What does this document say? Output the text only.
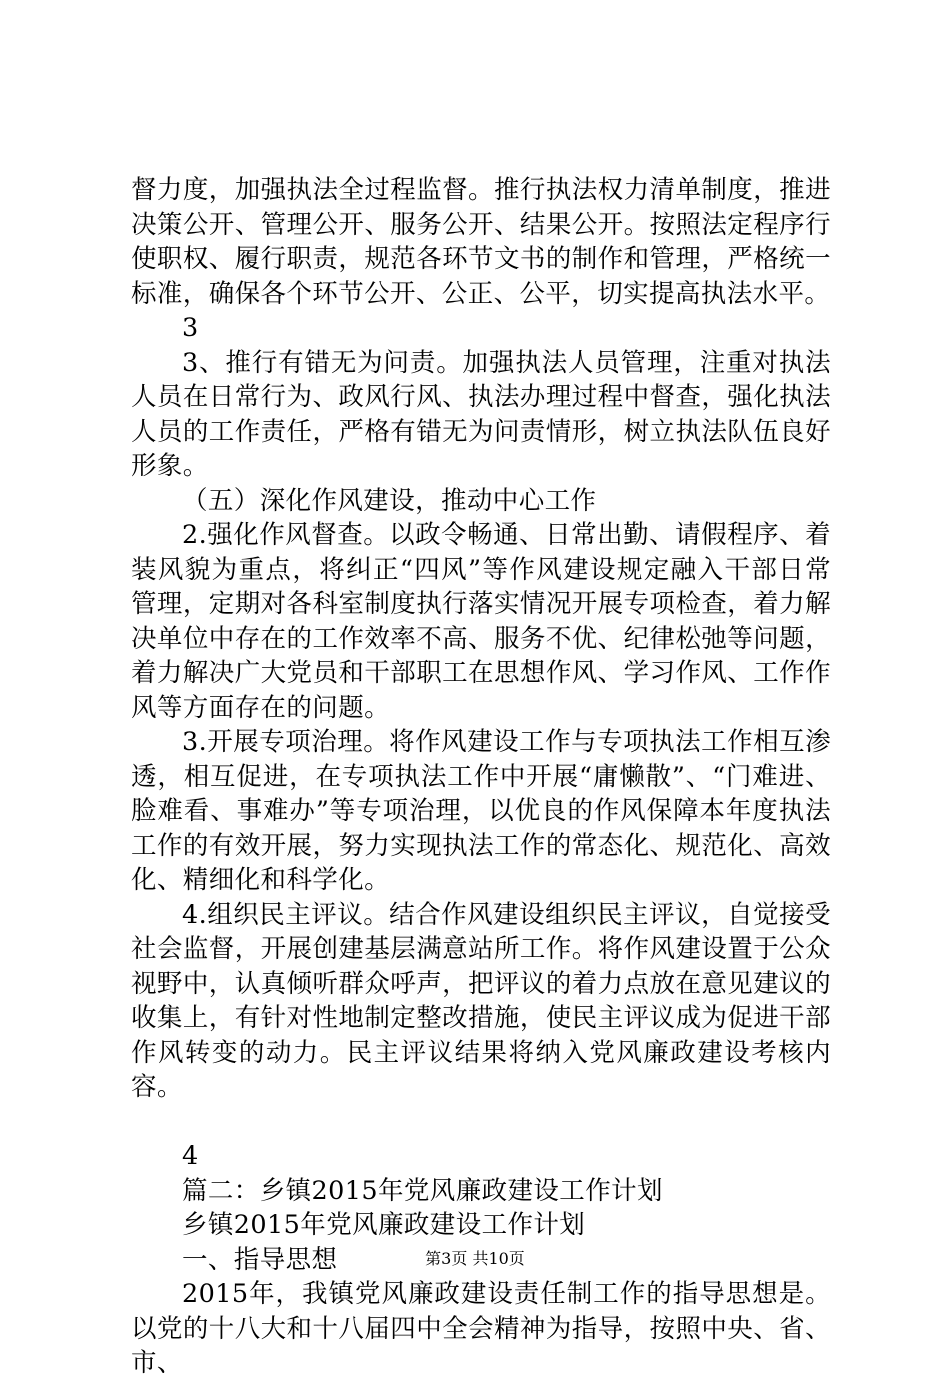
督力度，加强执法全过程监督。推行执法权力清单制度，推进决策公开、管理公开、服务公开、结果公开。按照法定程序行使职权、履行职责，规范各环节文书的制作和管理，严格统一标准，确保各个环节公开、公正、公平，切实提高执法水平。

3

3、推行有错无为问责。加强执法人员管理，注重对执法人员在日常行为、政风行风、执法办理过程中督查，强化执法人员的工作责任，严格有错无为问责情形，树立执法队伍良好形象。

（五）深化作风建设，推动中心工作

2.强化作风督查。以政令畅通、日常出勤、请假程序、着装风貌为重点，将纠正“四风”等作风建设规定融入干部日常管理，定期对各科室制度执行落实情况开展专项检查，着力解决单位中存在的工作效率不高、服务不优、纪律松弛等问题，着力解决广大党员和干部职工在思想作风、学习作风、工作作风等方面存在的问题。

3.开展专项治理。将作风建设工作与专项执法工作相互渗透，相互促进，在专项执法工作中开展“庸懒散”、“门难进、脸难看、事难办”等专项治理，以优良的作风保障本年度执法工作的有效开展，努力实现执法工作的常态化、规范化、高效化、精细化和科学化。

4.组织民主评议。结合作风建设组织民主评议，自觉接受社会监督，开展创建基层满意站所工作。将作风建设置于公众视野中，认真倾听群众呼声，把评议的着力点放在意见建议的收集上，有针对性地制定整改措施，使民主评议成为促进干部作风转变的动力。民主评议结果将纳入党风廉政建设考核内容。

4

篇二：乡镇2015年党风廉政建设工作计划

乡镇2015年党风廉政建设工作计划

一、指导思想

2015年，我镇党风廉政建设责任制工作的指导思想是。以党的十八大和十八届四中全会精神为指导，按照中央、省、市、

第3页 共10页
